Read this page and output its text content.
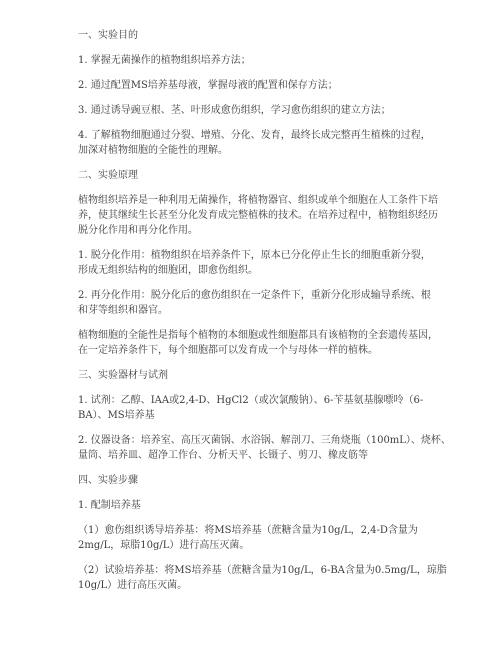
一、实验目的
1. 掌握无菌操作的植物组织培养方法；
2. 通过配置MS培养基母液，掌握母液的配置和保存方法；
3. 通过诱导豌豆根、茎、叶形成愈伤组织，学习愈伤组织的建立方法；
4. 了解植物细胞通过分裂、增殖、分化、发育，最终长成完整再生植株的过程，
加深对植物细胞的全能性的理解。
二、实验原理
植物组织培养是一种利用无菌操作，将植物器官、组织或单个细胞在人工条件下培
养，使其继续生长甚至分化发育成完整植株的技术。在培养过程中，植物组织经历
脱分化作用和再分化作用。
1. 脱分化作用：植物组织在培养条件下，原本已分化停止生长的细胞重新分裂，
形成无组织结构的细胞团，即愈伤组织。
2. 再分化作用：脱分化后的愈伤组织在一定条件下，重新分化形成输导系统、根
和芽等组织和器官。
植物细胞的全能性是指每个植物的本细胞或性细胞都具有该植物的全套遗传基因，
在一定培养条件下，每个细胞都可以发育成一个与母体一样的植株。
三、实验器材与试剂
1. 试剂：乙醇、IAA或2,4-D、HgCl2（或次氯酸钠）、6-苄基氨基腺嘌呤（6-
BA）、MS培养基
2. 仪器设备：培养室、高压灭菌锅、水浴锅、解剖刀、三角烧瓶（100mL）、烧杯、
量筒、培养皿、超净工作台、分析天平、长镊子、剪刀、橡皮筋等
四、实验步骤
1. 配制培养基
（1）愈伤组织诱导培养基：将MS培养基（蔗糖含量为10g/L，2,4-D含量为
2mg/L，琼脂10g/L）进行高压灭菌。
（2）试验培养基：将MS培养基（蔗糖含量为10g/L，6-BA含量为0.5mg/L，琼脂
10g/L）进行高压灭菌。
